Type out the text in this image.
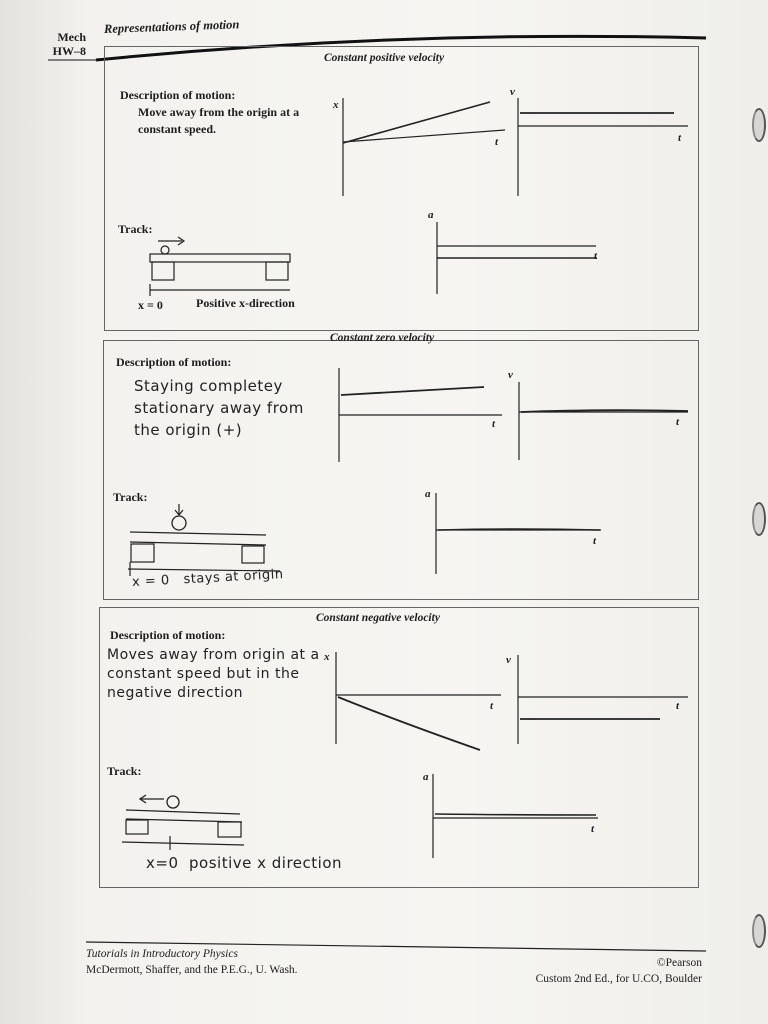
Mech
HW–8
Representations of motion
Constant positive velocity
Description of motion:
Move away from the origin at a constant speed.
Track:
x = 0	Positive x-direction
x
t
v
t
a
t
Constant zero velocity
Description of motion:
Staying completey stationary away from the origin (+)
Track:
x = 0   stays at origin
t
v
t
a
t
Constant negative velocity
Description of motion:
Moves away from origin at a constant speed but in the negative direction
Track:
x=0  positive x direction
x
t
v
t
a
t
Tutorials in Introductory Physics
McDermott, Shaffer, and the P.E.G., U. Wash.
©Pearson
Custom 2nd Ed., for U.CO, Boulder
